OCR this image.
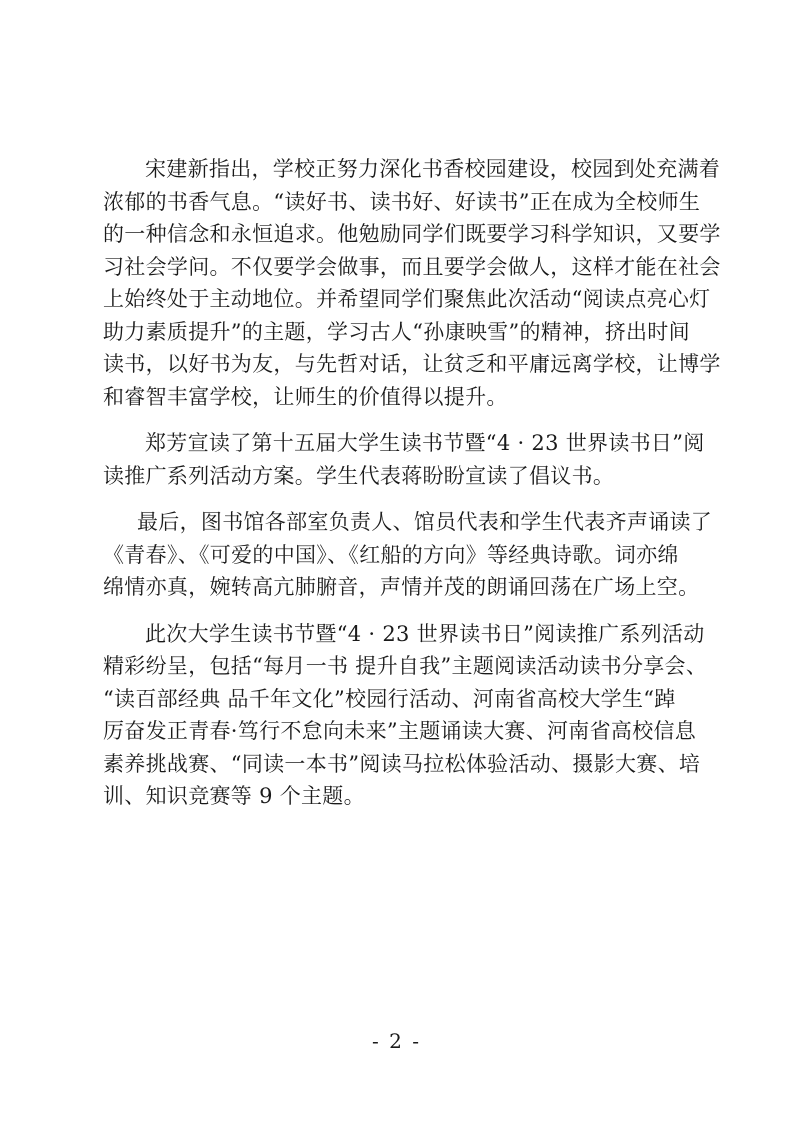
宋建新指出，学校正努力深化书香校园建设，校园到处充满着
浓郁的书香气息。“读好书、读书好、好读书”正在成为全校师生
的一种信念和永恒追求。他勉励同学们既要学习科学知识，又要学
习社会学问。不仅要学会做事，而且要学会做人，这样才能在社会
上始终处于主动地位。并希望同学们聚焦此次活动“阅读点亮心灯
助力素质提升”的主题，学习古人“孙康映雪”的精神，挤出时间
读书，以好书为友，与先哲对话，让贫乏和平庸远离学校，让博学
和睿智丰富学校，让师生的价值得以提升。

郑芳宣读了第十五届大学生读书节暨“4 · 23 世界读书日”阅
读推广系列活动方案。学生代表蒋盼盼宣读了倡议书。

最后，图书馆各部室负责人、馆员代表和学生代表齐声诵读了
《青春》、《可爱的中国》、《红船的方向》等经典诗歌。词亦绵
绵情亦真，婉转高亢肺腑音，声情并茂的朗诵回荡在广场上空。

此次大学生读书节暨“4 · 23 世界读书日”阅读推广系列活动
精彩纷呈，包括“每月一书 提升自我”主题阅读活动读书分享会、
“读百部经典 品千年文化”校园行活动、河南省高校大学生“踔
厉奋发正青春·笃行不怠向未来”主题诵读大赛、河南省高校信息
素养挑战赛、“同读一本书”阅读马拉松体验活动、摄影大赛、培
训、知识竞赛等 9 个主题。

- 2 -
